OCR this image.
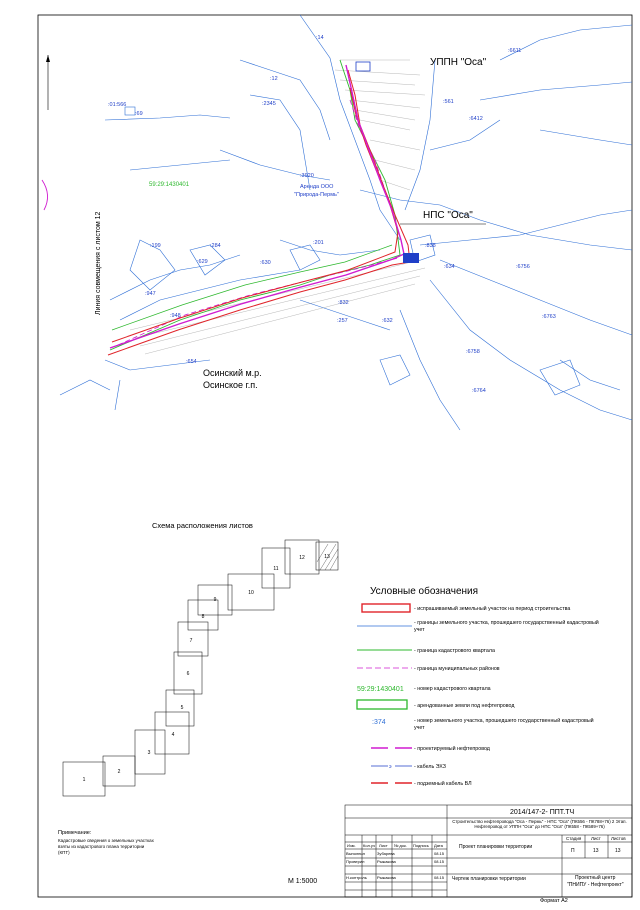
УППН "Оса"
НПС "Оса"
Осинский м.р.
Осинское г.п.
59:29:1430401	Аренда ООО
"Природа-Пермь"
Линия совмещения с листом 12
:12
:2345
:3920
:199	:284
:629	:630
:201
:947
:948
:654
:832
:257	:632
:634	:6756
:6763
:6758
:6764
:6611
:561
:69
:14
:01:566
:6412
:838
Схема расположения листов
1
2
3
4
5
6
7
8
9
10
11
12	13
М 1:5000
Условные обозначения
59:29:1430401
:374
э
- испрашиваемый земельный участок на период строительства
- границы земельного участка, прошедшего государственный кадастровый учет
- граница кадастрового квартала
- граница муниципальных районов
- номер кадастрового квартала
- арендованные земли под нефтепровод
- номер земельного участка, прошедшего государственный кадастровый учет
- проектируемый нефтепровод
- кабель ЭХЗ
- подземный кабель ВЛ
Примечание:
Кадастровые сведения о земельных участках взяты из кадастрового плана территории (КПТ)
2014/147-2- ППТ.ТЧ
Строительство нефтепровода "Оса - Пермь" - НПС "Оса" (ПК556 - ПК788+76) 2 Этап. Нефтепровод от УППН "Оса" до НПС "Оса" (ПК558 - ПК589+76)
Проект планировки территории
Чертеж планировки территории
Стадия Лист Листов
П	13	13
Проектный центр
"ПНИПУ - Нефтепроект"
Изм. Кол.уч Лист № док. Подпись Дата
Выполнил	Зубарева	08.15
Проверил	Рыжакова	08.15
Н.контроль	Рыжакова	08.15
Формат А2
